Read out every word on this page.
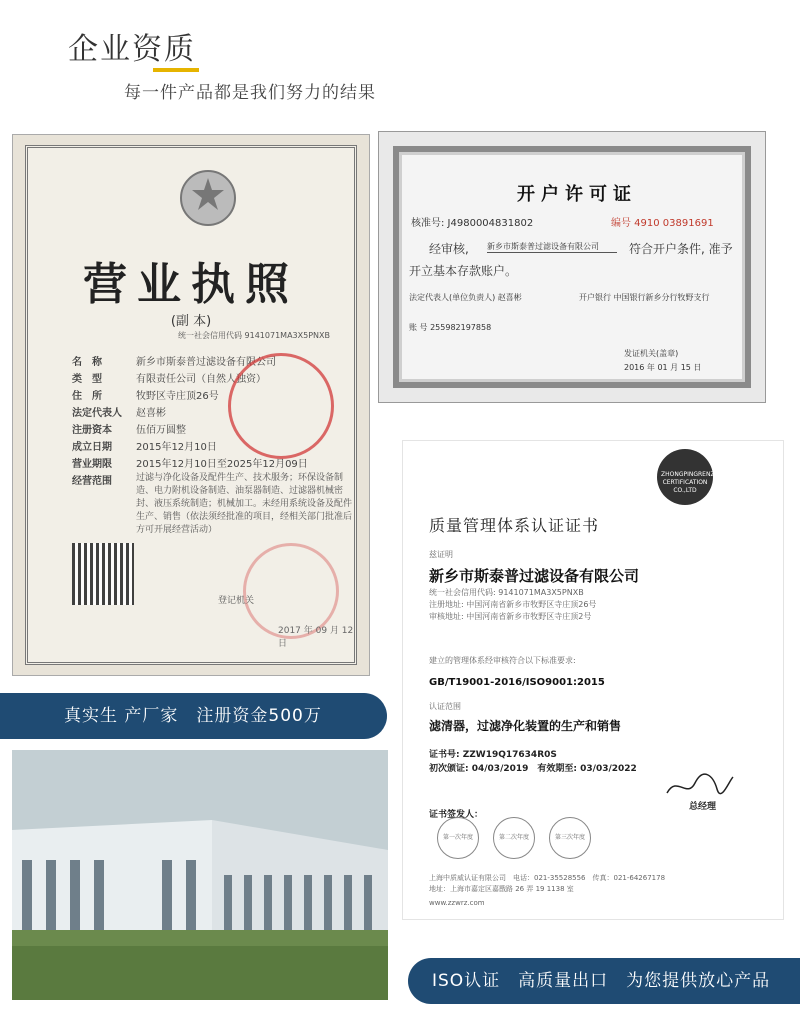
企业资质
每一件产品都是我们努力的结果
营业执照
(副 本)
统一社会信用代码 9141071MA3X5PNXB
名　称	新乡市斯泰普过滤设备有限公司
类　型	有限责任公司（自然人独资）
住　所	牧野区寺庄顶26号
法定代表人 赵喜彬
注册资本 伍佰万圆整
成立日期 2015年12月10日
营业期限 2015年12月10日至2025年12月09日
经营范围	过滤与净化设备及配件生产、技术服务；环保设备制造、电力附机设备制造、油泵器制造、过滤器机械密封、液压系统制造；机械加工。未经用系统设备及配件生产、销售（依法须经批准的项目，经相关部门批准后方可开展经营活动）
登记机关
2017 年 09 月 12 日
开户许可证
核准号: J4980004831802	编号 4910 03891691
经审核, 新乡市斯泰普过滤设备有限公司	符合开户条件, 准予
开立基本存款账户。
法定代表人(单位负责人) 赵喜彬	开户银行 中国银行新乡分行牧野支行
账 号 255982197858
发证机关(盖章)
2016 年 01 月 15 日
真实生 产厂家　注册资金500万
ZHONGPINGRENZHENG CERTIFICATION CO.,LTD
质量管理体系认证证书
兹证明
新乡市斯泰普过滤设备有限公司
统一社会信用代码: 9141071MA3X5PNXB
注册地址: 中国河南省新乡市牧野区寺庄顶26号
审核地址: 中国河南省新乡市牧野区寺庄顶2号
建立的管理体系经审核符合以下标准要求:
GB/T19001-2016/ISO9001:2015
认证范围
滤清器，过滤净化装置的生产和销售
证书号: ZZW19Q17634R0S
初次颁证: 04/03/2019　有效期至: 03/03/2022
证书签发人：
总经理
第一次年度	第二次年度	第三次年度
上海中质威认证有限公司　电话：021-35528556　传真：021-64267178
地址：上海市嘉定区嘉戬路 26 弄 19 1138 室
www.zzwrz.com
ISO认证　高质量出口　为您提供放心产品
